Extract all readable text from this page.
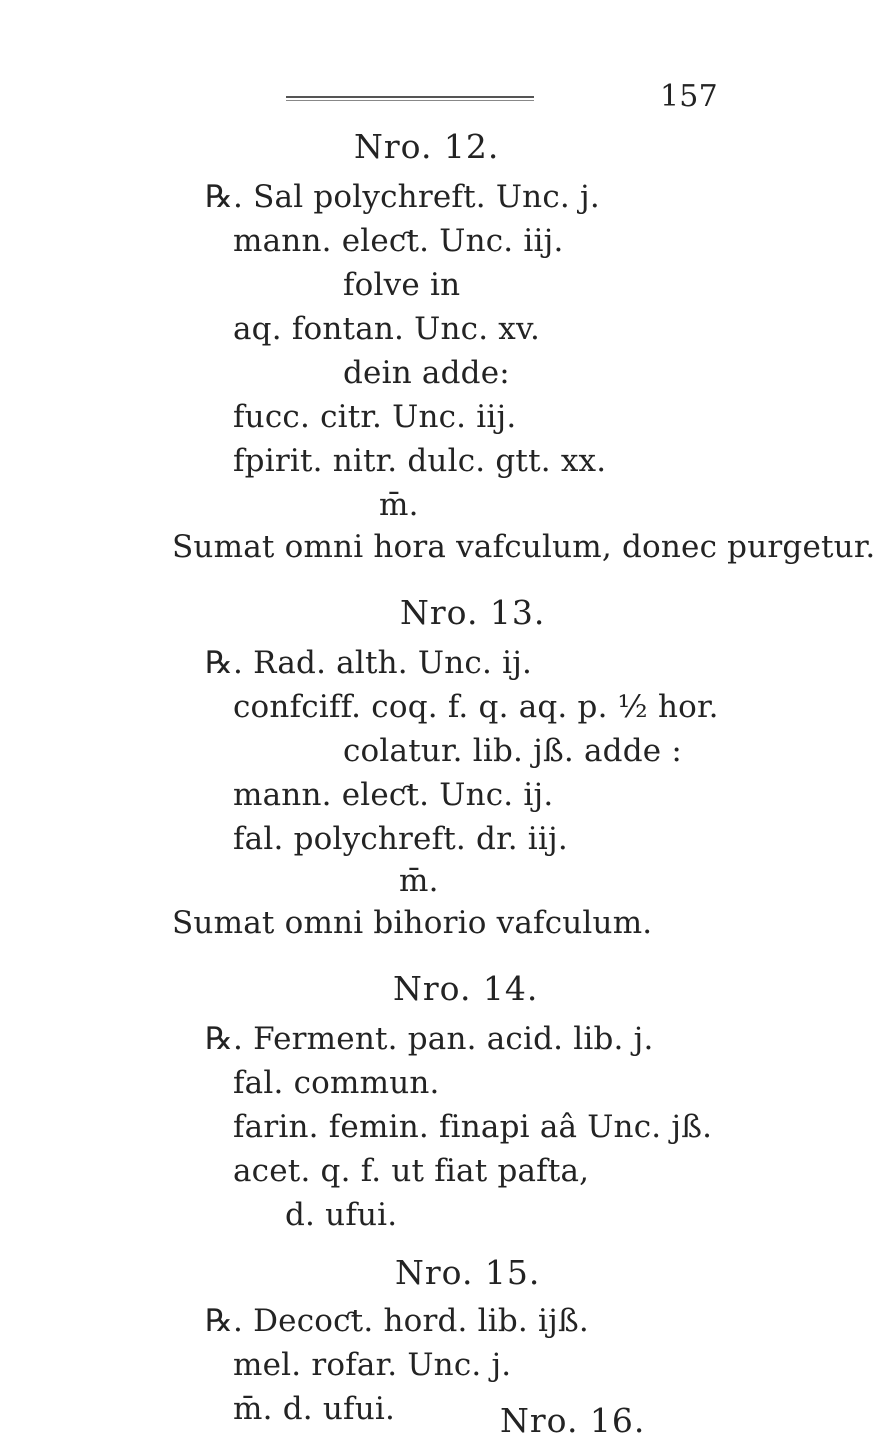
157
Nro. 12.
℞. Sal polychreft. Unc. j.
mann. eleƈt. Unc. iij.
folve in
aq. fontan. Unc. xv.
dein adde:
fucc. citr. Unc. iij.
fpirit. nitr. dulc. gtt. xx.
m̄.
Sumat omni hora vafculum, donec purgetur.
Nro. 13.
℞. Rad. alth. Unc. ij.
confciff. coq. f. q. aq. p. ½ hor.
colatur. lib. jß. adde :
mann. eleƈt. Unc. ij.
fal. polychreft. dr. iij.
m̄.
Sumat omni bihorio vafculum.
Nro. 14.
℞. Ferment. pan. acid. lib. j.
fal. commun.
farin. femin. finapi aâ Unc. jß.
acet. q. f. ut fiat pafta,
d. ufui.
Nro. 15.
℞. Decoƈt. hord. lib. ijß.
mel. rofar. Unc. j.
m̄. d. ufui.	Nro. 16.
